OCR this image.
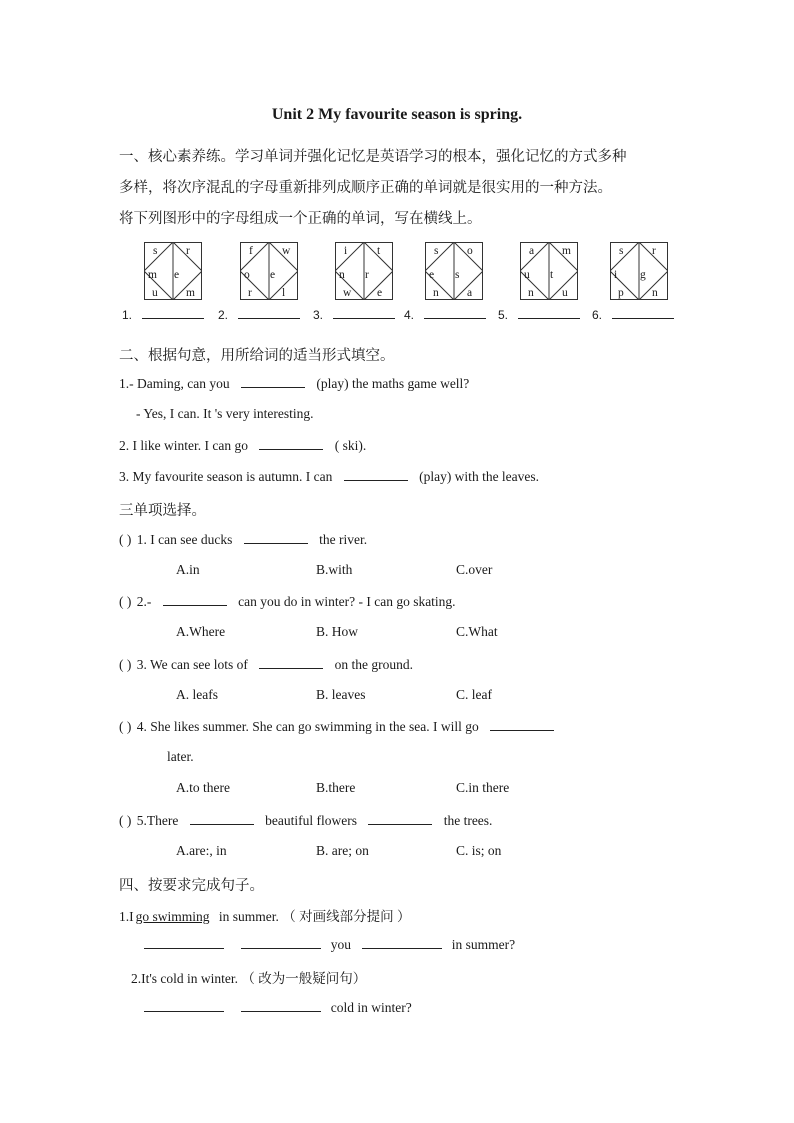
Unit 2 My favourite season is spring.
一、核心素养练。学习单词并强化记忆是英语学习的根本，强化记忆的方式多种
多样，将次序混乱的字母重新排列成顺序正确的单词就是很实用的一种方法。
将下列图形中的字母组成一个正确的单词，写在横线上。
s
m
u
r
e
m
1.
f
o
r
w
e
l
2.
i
n
w
t
r
e
3.
s
e
n
o
s
a
4.
a
u
n
m
t
u
5.
s
i
p
r
g
n
6.
二、根据句意，用所给词的适当形式填空。
1.- Daming, can you	(play) the maths game well?
- Yes, I can. It 's very interesting.
2. I like winter. I can go	( ski).
3. My favourite season is autumn. I can	(play) with the leaves.
三单项选择。
( ) 1. I can see ducks	the river.
A.in	B.with	C.over
( ) 2.-	can you do in winter? - I can go skating.
A.Where	B. How	C.What
( ) 3. We can see lots of	on the ground.
A. leafs	B. leaves	C. leaf
( ) 4. She likes summer. She can go swimming in the sea. I will go
later.
A.to there	B.there	C.in there
( ) 5.There	beautiful flowers	the trees.
A.are:, in	B. are; on	C. is; on
四、按要求完成句子。
1.I go swimming in summer. （ 对画线部分提问 ）
you	in summer?
2.It's cold in winter. （ 改为一般疑问句）
cold in winter?
